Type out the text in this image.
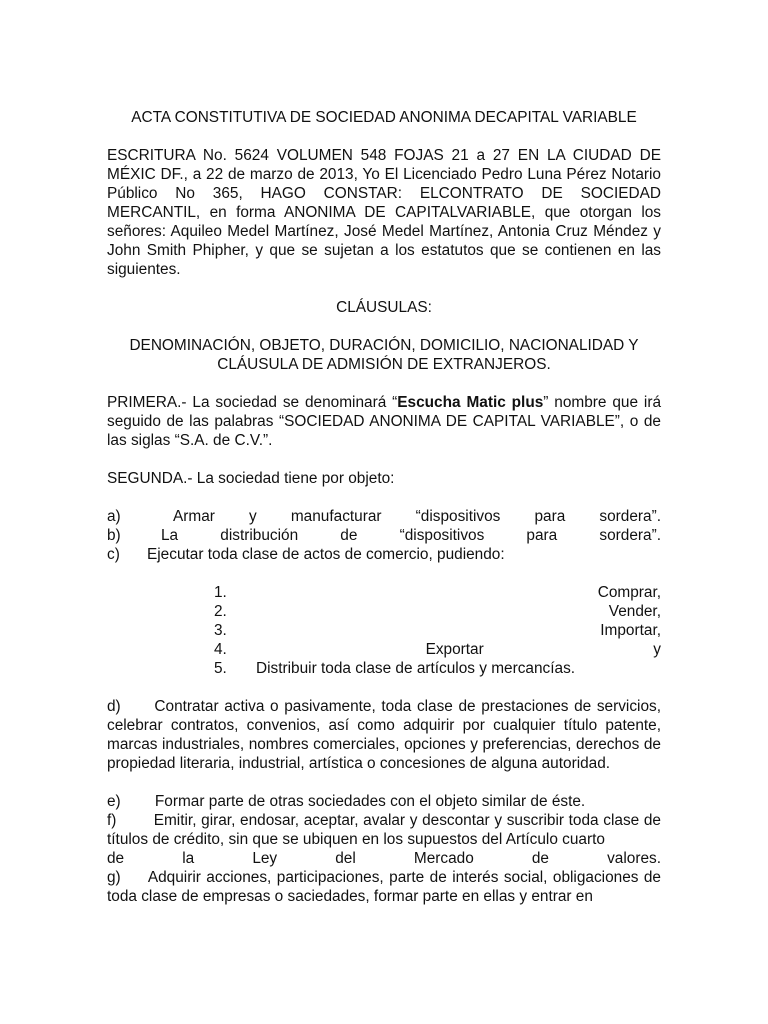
ACTA CONSTITUTIVA DE SOCIEDAD ANONIMA DECAPITAL VARIABLE

ESCRITURA No. 5624 VOLUMEN 548 FOJAS 21 a 27 EN LA CIUDAD DE MÉXIC DF., a 22 de marzo de 2013, Yo El Licenciado Pedro Luna Pérez Notario Público No 365, HAGO CONSTAR: ELCONTRATO DE SOCIEDAD MERCANTIL, en forma ANONIMA DE CAPITALVARIABLE, que otorgan los señores: Aquileo Medel Martínez, José Medel Martínez, Antonia Cruz Méndez y John Smith Phipher, y que se sujetan a los estatutos que se contienen en las siguientes.

CLÁUSULAS:

DENOMINACIÓN, OBJETO, DURACIÓN, DOMICILIO, NACIONALIDAD Y

CLÁUSULA DE ADMISIÓN DE EXTRANJEROS.

PRIMERA.- La sociedad se denominará “Escucha Matic plus” nombre que irá seguido de las palabras “SOCIEDAD ANONIMA DE CAPITAL VARIABLE”, o de las siglas “S.A. de C.V.”.

SEGUNDA.- La sociedad tiene por objeto:

a)	Armar y manufacturar “dispositivos para sordera”.
b)	La distribución de “dispositivos para sordera”.
c)	Ejecutar toda clase de actos de comercio, pudiendo:
1.	Comprar,
2.	Vender,
3.	Importar,
4.	Exportar	y
5.	Distribuir toda clase de artículos y mercancías.

d)      Contratar activa o pasivamente, toda clase de prestaciones de servicios, celebrar contratos, convenios, así como adquirir por cualquier título patente, marcas industriales, nombres comerciales, opciones y preferencias, derechos de propiedad literaria, industrial, artística o concesiones de alguna autoridad.

e)        Formar parte de otras sociedades con el objeto similar de éste.

f)        Emitir, girar, endosar, aceptar, avalar y descontar y suscribir toda clase de títulos de crédito, sin que se ubiquen en los supuestos del Artículo cuarto

de la Ley del Mercado de valores.

g)     Adquirir acciones, participaciones, parte de interés social, obligaciones de toda clase de empresas o saciedades, formar parte en ellas y entrar en
